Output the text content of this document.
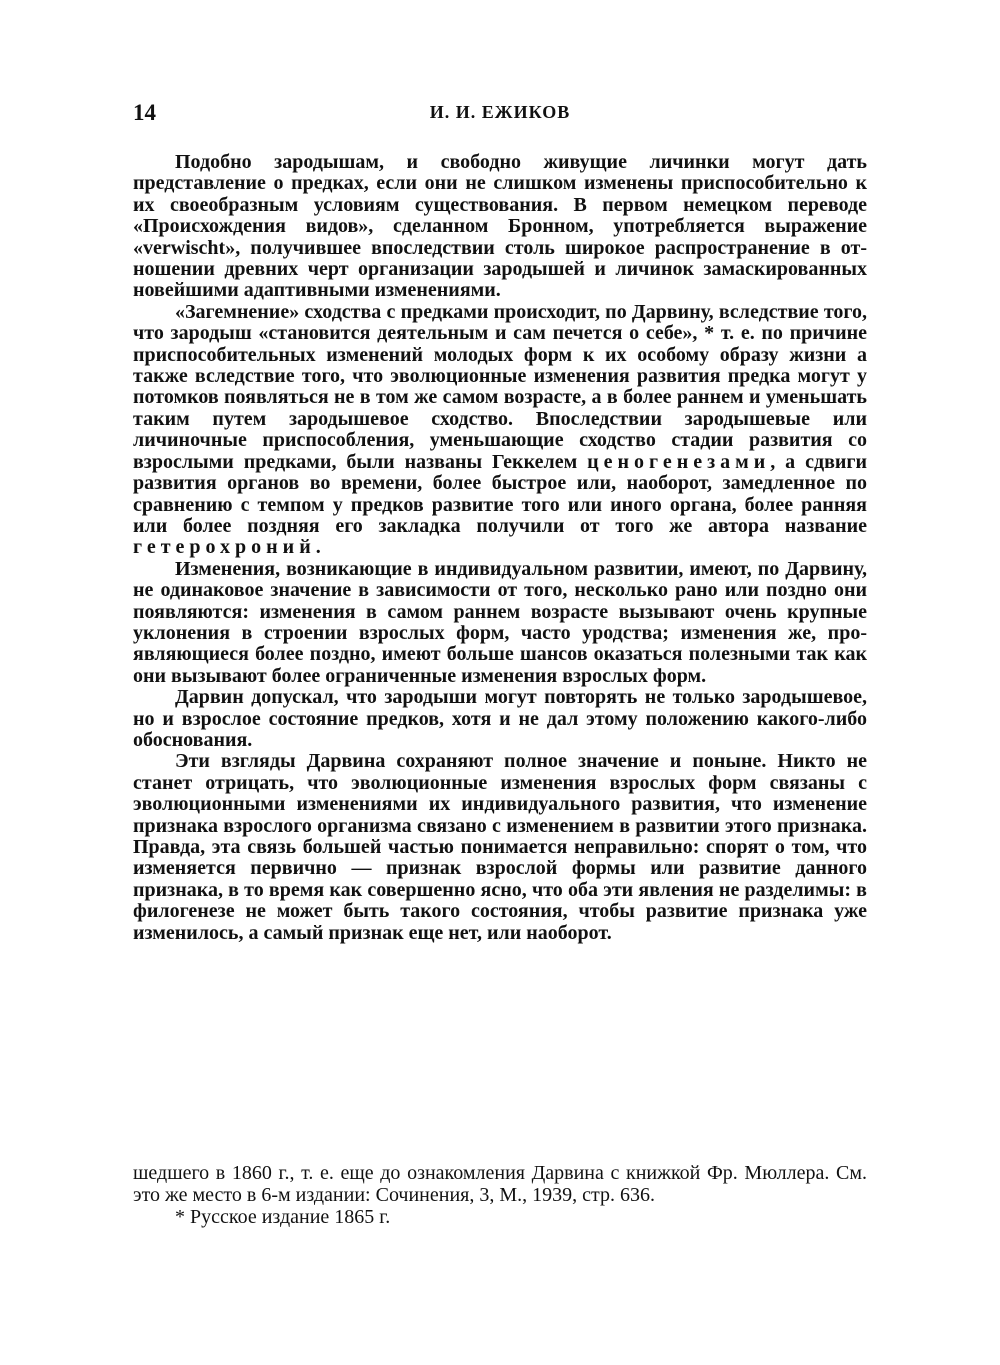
14	И. И. ЕЖИКОВ

Подобно зародышам, и свободно живущие личинки могут дать представление о предках, если они не слишком изменены приспособительно к их своеобразным условиям существования. В первом немецком переводе «Происхождения видов», сделанном Бронном, употребляется выражение «verwischt», получившее впоследствии столь широкое распространение в отношении древних черт организации зародышей и личинок замаскированных новейшими адаптивными изменениями.

«Загемнение» сходства с предками происходит, по Дарвину, вследствие того, что зародыш «становится деятельным и сам печется о себе», * т. е. по причине приспособительных изменений молодых форм к их особому образу жизни а также вследствие того, что эволюционные изменения развития предка могут у потомков появляться не в том же самом возрасте, а в более раннем и уменьшать таким путем зародышевое сходство. Впоследствии зародышевые или личиночные приспособления, уменьшающие сходство стадии развития со взрослыми предками, были названы Геккелем ценогенезами, а сдвиги развития органов во времени, более быстрое или, наоборот, замедленное по сравнению с темпом у предков развитие того или иного органа, более ранняя или более поздняя его закладка получили от того же автора название гетерохроний.

Изменения, возникающие в индивидуальном развитии, имеют, по Дарвину, не одинаковое значение в зависимости от того, несколько рано или поздно они появляются: изменения в самом раннем возрасте вызывают очень крупные уклонения в строении взрослых форм, часто уродства; изменения же, проявляющиеся более поздно, имеют больше шансов оказаться полезными так как они вызывают более ограниченные изменения взрослых форм.

Дарвин допускал, что зародыши могут повторять не только зародышевое, но и взрослое состояние предков, хотя и не дал этому положению какого-либо обоснования.

Эти взгляды Дарвина сохраняют полное значение и поныне. Никто не станет отрицать, что эволюционные изменения взрослых форм связаны с эволюционными изменениями их индивидуального развития, что изменение признака взрослого организма связано с изменением в развитии этого признака. Правда, эта связь большей частью понимается неправильно: спорят о том, что изменяется первично — признак взрослой формы или развитие данного признака, в то время как совершенно ясно, что оба эти явления не разделимы: в филогенезе не может быть такого состояния, чтобы развитие признака уже изменилось, а самый признак еще нет, или наоборот.

шедшего в 1860 г., т. е. еще до ознакомления Дарвина с книжкой Фр. Мюллера. См. это же место в 6-м издании: Сочинения, 3, М., 1939, стр. 636.

* Русское издание 1865 г.
